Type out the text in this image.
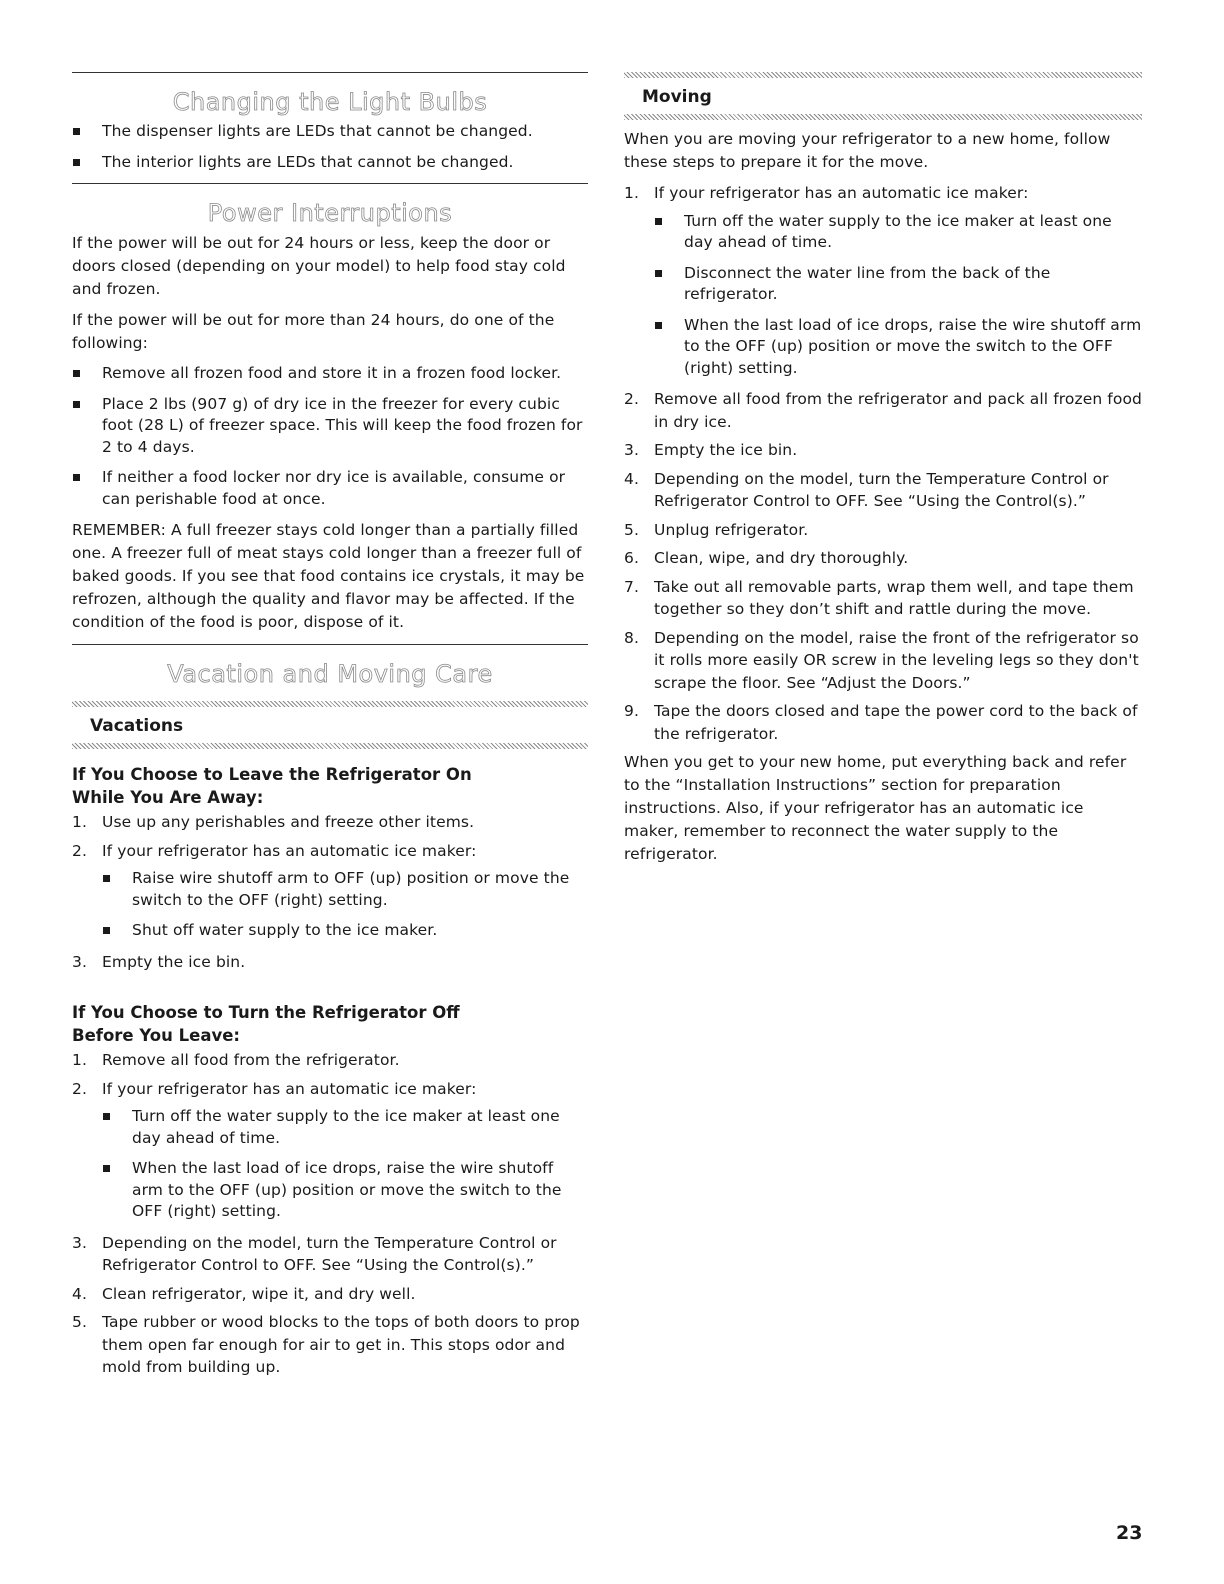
Changing the Light Bulbs
The dispenser lights are LEDs that cannot be changed.
The interior lights are LEDs that cannot be changed.
Power Interruptions

If the power will be out for 24 hours or less, keep the door or doors closed (depending on your model) to help food stay cold and frozen.

If the power will be out for more than 24 hours, do one of the following:

Remove all frozen food and store it in a frozen food locker.
Place 2 lbs (907 g) of dry ice in the freezer for every cubic foot (28 L) of freezer space. This will keep the food frozen for 2 to 4 days.
If neither a food locker nor dry ice is available, consume or can perishable food at once.

REMEMBER: A full freezer stays cold longer than a partially filled one. A freezer full of meat stays cold longer than a freezer full of baked goods. If you see that food contains ice crystals, it may be refrozen, although the quality and flavor may be affected. If the condition of the food is poor, dispose of it.

Vacation and Moving Care
Vacations
If You Choose to Leave the Refrigerator On
While You Are Away:
1. Use up any perishables and freeze other items.
2. If your refrigerator has an automatic ice maker:
Raise wire shutoff arm to OFF (up) position or move the switch to the OFF (right) setting.
Shut off water supply to the ice maker.
3. Empty the ice bin.
If You Choose to Turn the Refrigerator Off
Before You Leave:
1. Remove all food from the refrigerator.
2. If your refrigerator has an automatic ice maker:
Turn off the water supply to the ice maker at least one day ahead of time.
When the last load of ice drops, raise the wire shutoff arm to the OFF (up) position or move the switch to the OFF (right) setting.
3. Depending on the model, turn the Temperature Control or Refrigerator Control to OFF. See “Using the Control(s).”
4. Clean refrigerator, wipe it, and dry well.
5. Tape rubber or wood blocks to the tops of both doors to prop them open far enough for air to get in. This stops odor and mold from building up.
Moving

When you are moving your refrigerator to a new home, follow these steps to prepare it for the move.

1. If your refrigerator has an automatic ice maker:
Turn off the water supply to the ice maker at least one day ahead of time.
Disconnect the water line from the back of the refrigerator.
When the last load of ice drops, raise the wire shutoff arm to the OFF (up) position or move the switch to the OFF (right) setting.
2. Remove all food from the refrigerator and pack all frozen food in dry ice.
3. Empty the ice bin.
4. Depending on the model, turn the Temperature Control or Refrigerator Control to OFF. See “Using the Control(s).”
5. Unplug refrigerator.
6. Clean, wipe, and dry thoroughly.
7. Take out all removable parts, wrap them well, and tape them together so they don’t shift and rattle during the move.
8. Depending on the model, raise the front of the refrigerator so it rolls more easily OR screw in the leveling legs so they don't scrape the floor. See “Adjust the Doors.”
9. Tape the doors closed and tape the power cord to the back of the refrigerator.

When you get to your new home, put everything back and refer to the “Installation Instructions” section for preparation instructions. Also, if your refrigerator has an automatic ice maker, remember to reconnect the water supply to the refrigerator.

23
